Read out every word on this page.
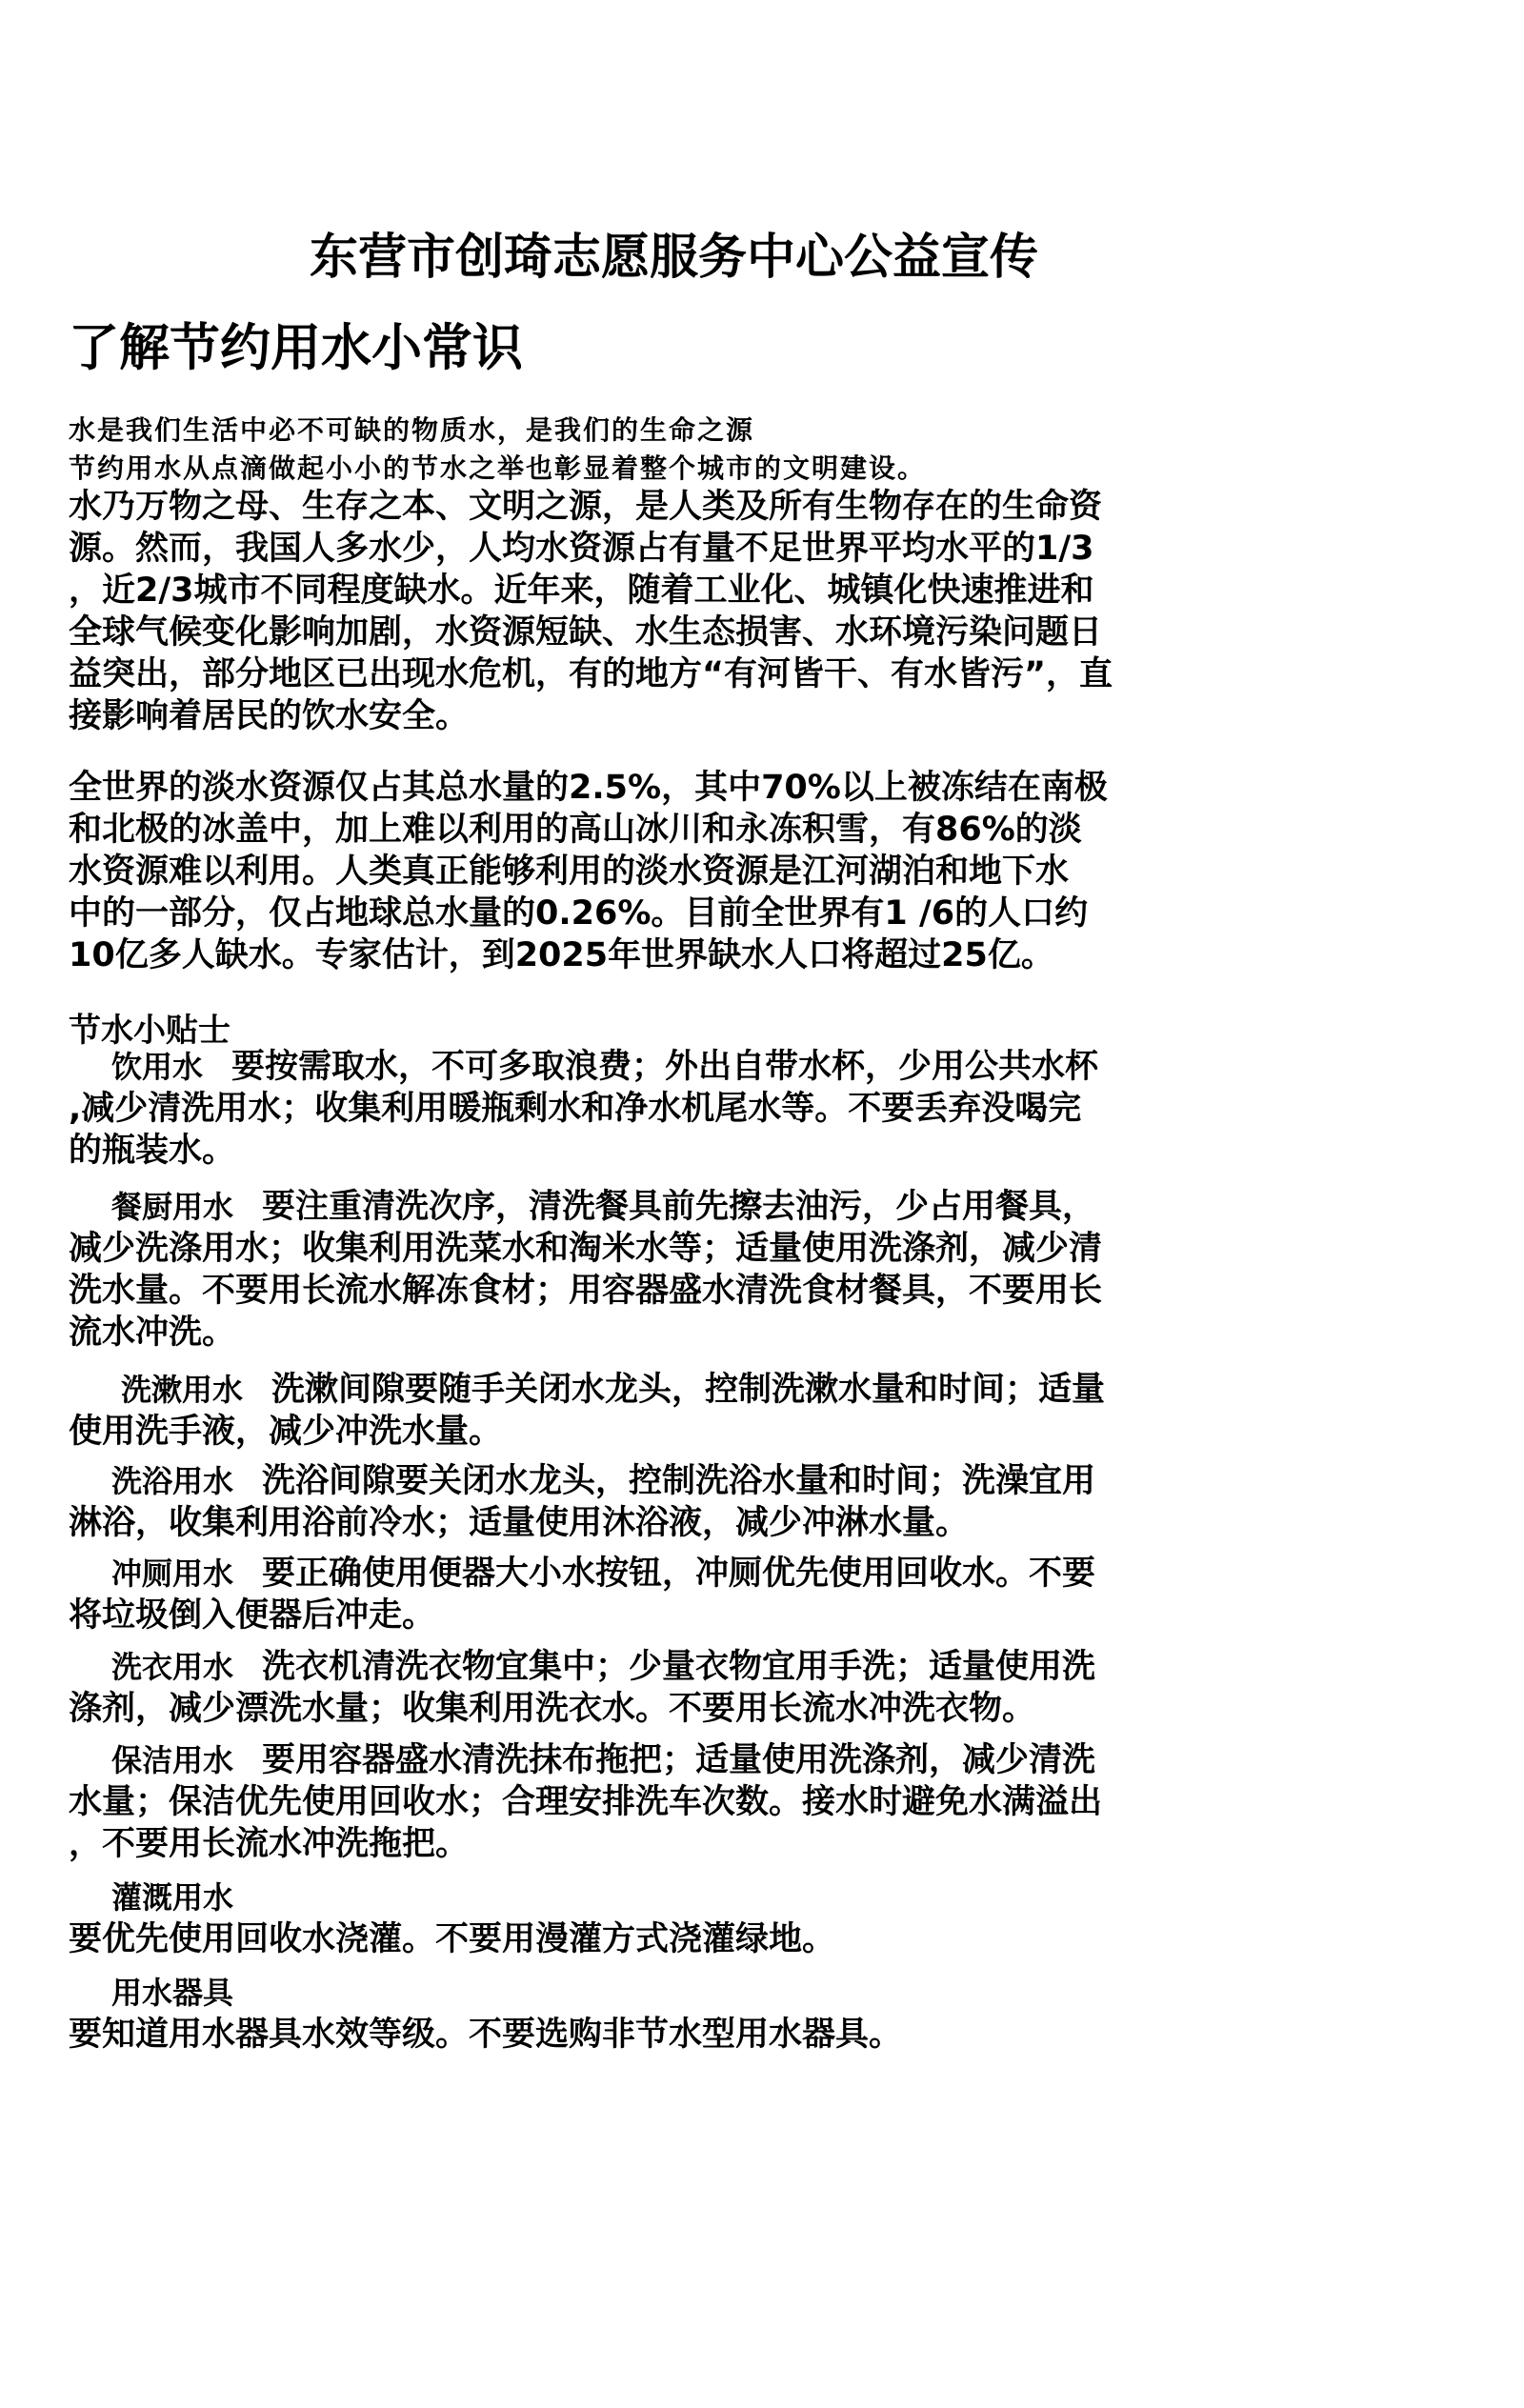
东营市创琦志愿服务中心公益宣传
了解节约用水小常识
水是我们生活中必不可缺的物质水，是我们的生命之源
节约用水从点滴做起小小的节水之举也彰显着整个城市的文明建设。

水乃万物之母、生存之本、文明之源，是人类及所有生物存在的生命资

源。然而，我国人多水少，人均水资源占有量不足世界平均水平的1/3

，近2/3城市不同程度缺水。近年来，随着工业化、城镇化快速推进和

全球气候变化影响加剧，水资源短缺、水生态损害、水环境污染问题日

益突出，部分地区已出现水危机，有的地方“有河皆干、有水皆污”，直

接影响着居民的饮水安全。

全世界的淡水资源仅占其总水量的2.5%，其中70%以上被冻结在南极

和北极的冰盖中，加上难以利用的高山冰川和永冻积雪，有86%的淡

水资源难以利用。人类真正能够利用的淡水资源是江河湖泊和地下水

中的一部分，仅占地球总水量的0.26%。目前全世界有1 /6的人口约

10亿多人缺水。专家估计，到2025年世界缺水人口将超过25亿。

节水小贴士

饮用水 要按需取水，不可多取浪费；外出自带水杯，少用公共水杯

,减少清洗用水；收集利用暖瓶剩水和净水机尾水等。不要丢弃没喝完

的瓶装水。

餐厨用水 要注重清洗次序，清洗餐具前先擦去油污，少占用餐具，

减少洗涤用水；收集利用洗菜水和淘米水等；适量使用洗涤剂，减少清

洗水量。不要用长流水解冻食材；用容器盛水清洗食材餐具，不要用长

流水冲洗。

洗漱用水 洗漱间隙要随手关闭水龙头，控制洗漱水量和时间；适量

使用洗手液，减少冲洗水量。

洗浴用水 洗浴间隙要关闭水龙头，控制洗浴水量和时间；洗澡宜用

淋浴，收集利用浴前冷水；适量使用沐浴液，减少冲淋水量。

冲厕用水 要正确使用便器大小水按钮，冲厕优先使用回收水。不要

将垃圾倒入便器后冲走。

洗衣用水 洗衣机清洗衣物宜集中；少量衣物宜用手洗；适量使用洗

涤剂，减少漂洗水量；收集利用洗衣水。不要用长流水冲洗衣物。

保洁用水 要用容器盛水清洗抹布拖把；适量使用洗涤剂，减少清洗

水量；保洁优先使用回收水；合理安排洗车次数。接水时避免水满溢出

，不要用长流水冲洗拖把。

灌溉用水

要优先使用回收水浇灌。不要用漫灌方式浇灌绿地。

用水器具

要知道用水器具水效等级。不要选购非节水型用水器具。
